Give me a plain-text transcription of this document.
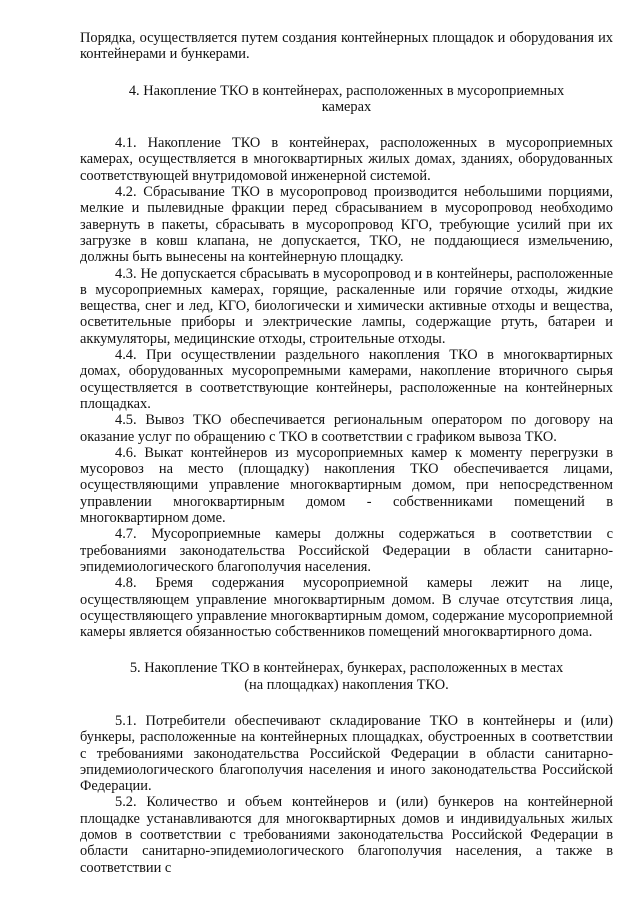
Порядка, осуществляется путем создания контейнерных площадок и оборудования их контейнерами и бункерами.

4. Накопление ТКО в контейнерах, расположенных в мусороприемных камерах

4.1. Накопление ТКО в контейнерах, расположенных в мусороприемных камерах, осуществляется в многоквартирных жилых домах, зданиях, оборудованных соответствующей внутридомовой инженерной системой.

4.2. Сбрасывание ТКО в мусоропровод производится небольшими порциями, мелкие и пылевидные фракции перед сбрасыванием в мусоропровод необходимо завернуть в пакеты, сбрасывать в мусоропровод КГО, требующие усилий при их загрузке в ковш клапана, не допускается, ТКО, не поддающиеся измельчению, должны быть вынесены на контейнерную площадку.

4.3. Не допускается сбрасывать в мусоропровод и в контейнеры, расположенные в мусороприемных камерах, горящие, раскаленные или горячие отходы, жидкие вещества, снег и лед, КГО, биологически и химически активные отходы и вещества, осветительные приборы и электрические лампы, содержащие ртуть, батареи и аккумуляторы, медицинские отходы, строительные отходы.

4.4. При осуществлении раздельного накопления ТКО в многоквартирных домах, оборудованных мусоропремными камерами, накопление вторичного сырья осуществляется в соответствующие контейнеры, расположенные на контейнерных площадках.

4.5. Вывоз ТКО обеспечивается региональным оператором по договору на оказание услуг по обращению с ТКО в соответствии с графиком вывоза ТКО.

4.6. Выкат контейнеров из мусороприемных камер к моменту перегрузки в мусоровоз на место (площадку) накопления ТКО обеспечивается лицами, осуществляющими управление многоквартирным домом, при непосредственном управлении многоквартирным домом - собственниками помещений в многоквартирном доме.

4.7. Мусороприемные камеры должны содержаться в соответствии с требованиями законодательства Российской Федерации в области санитарно-эпидемиологического благополучия населения.

4.8. Бремя содержания мусороприемной камеры лежит на лице, осуществляющем управление многоквартирным домом. В случае отсутствия лица, осуществляющего управление многоквартирным домом, содержание мусороприемной камеры является обязанностью собственников помещений многоквартирного дома.

5. Накопление ТКО в контейнерах, бункерах, расположенных в местах (на площадках) накопления ТКО.

5.1. Потребители обеспечивают складирование ТКО в контейнеры и (или) бункеры, расположенные на контейнерных площадках, обустроенных в соответствии с требованиями законодательства Российской Федерации в области санитарно-эпидемиологического благополучия населения и иного законодательства Российской Федерации.

5.2. Количество и объем контейнеров и (или) бункеров на контейнерной площадке устанавливаются для многоквартирных домов и индивидуальных жилых домов в соответствии с требованиями законодательства Российской Федерации в области санитарно-эпидемиологического благополучия населения, а также в соответствии с
